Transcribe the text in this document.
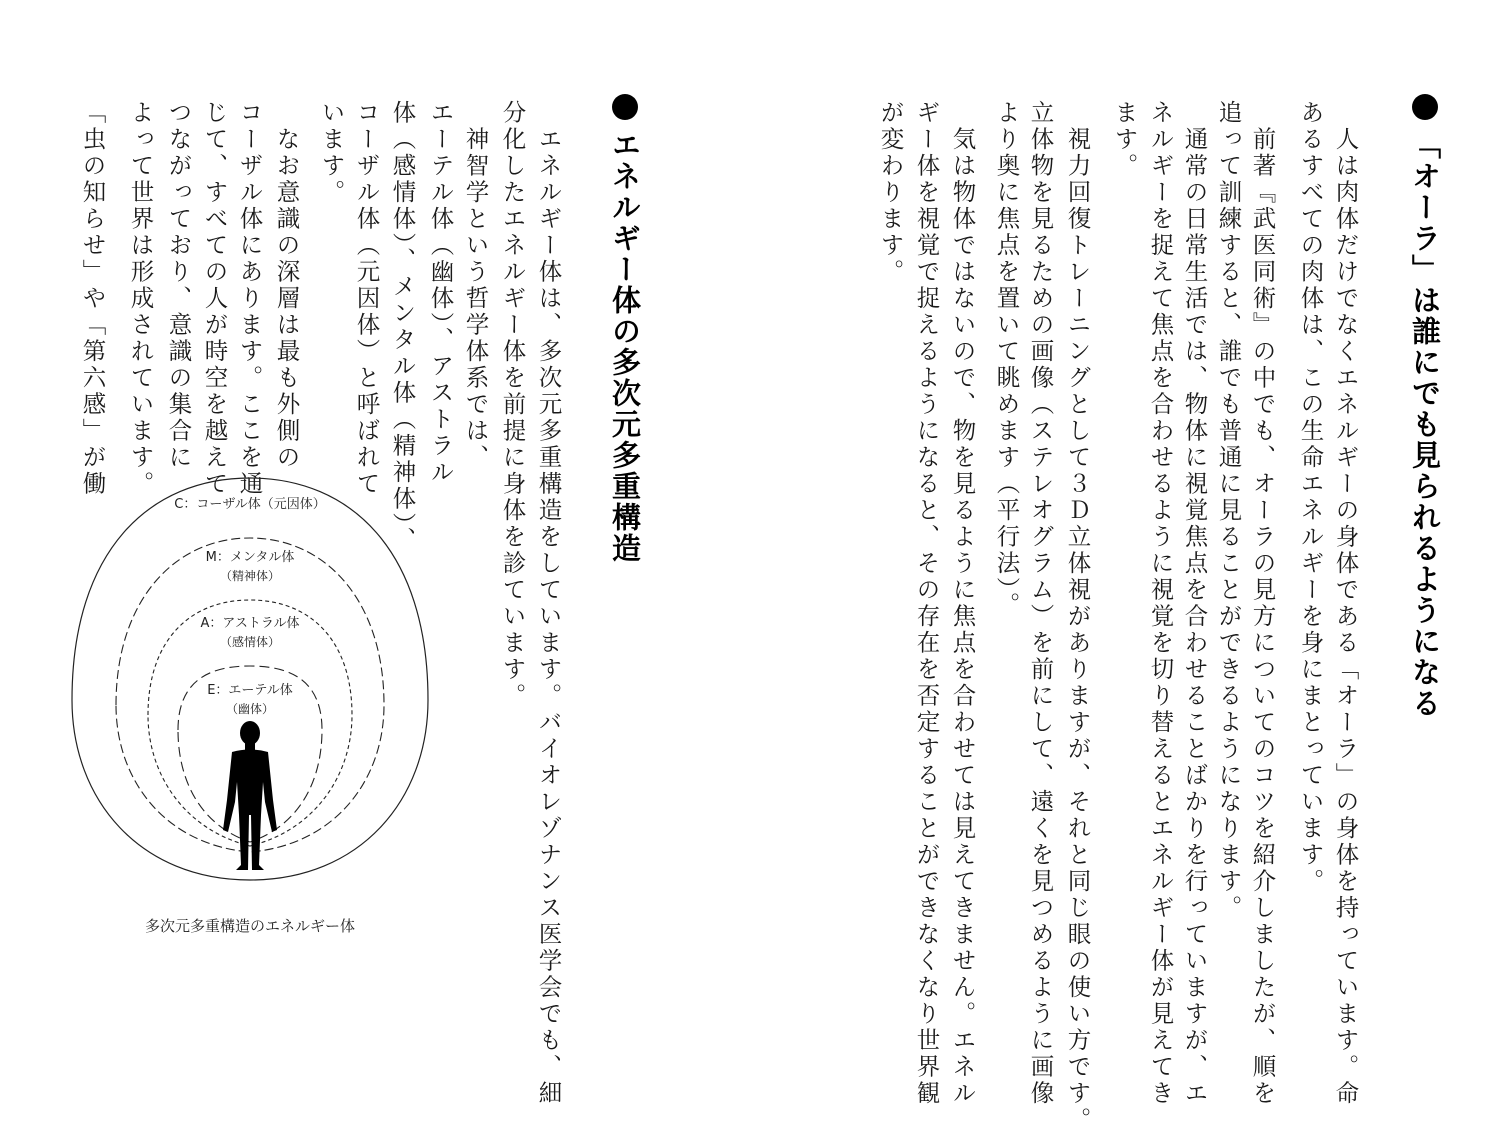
「オーラ」は誰にでも見られるようになる
　人は肉体だけでなくエネルギーの身体である「オーラ」の身体を持っています。命
あるすべての肉体は、この生命エネルギーを身にまとっています。
　前著『武医同術』の中でも、オーラの見方についてのコツを紹介しましたが、順を
追って訓練すると、誰でも普通に見ることができるようになります。
　通常の日常生活では、物体に視覚焦点を合わせることばかりを行っていますが、エ
ネルギーを捉えて焦点を合わせるように視覚を切り替えるとエネルギー体が見えてき
ます。
　視力回復トレーニングとして３Ｄ立体視がありますが、それと同じ眼の使い方です。
立体物を見るための画像（ステレオグラム）を前にして、遠くを見つめるように画像
より奥に焦点を置いて眺めます（平行法）。
　気は物体ではないので、物を見るように焦点を合わせては見えてきません。エネル
ギー体を視覚で捉えるようになると、その存在を否定することができなくなり世界観
が変わります。
エネルギー体の多次元多重構造
　エネルギー体は、多次元多重構造をしています。バイオレゾナンス医学会でも、細
分化したエネルギー体を前提に身体を診ています。
　神智学という哲学体系では、
エーテル体（幽体）、アストラル
体（感情体）、メンタル体（精神体）、
コーザル体（元因体）と呼ばれて
います。
　なお意識の深層は最も外側の
コーザル体にあります。ここを通
じて、すべての人が時空を越えて
つながっており、意識の集合に
よって世界は形成されています。
「虫の知らせ」や「第六感」が働
C：コーザル体（元因体）
M：メンタル体
（精神体）
A：アストラル体
（感情体）
E：エーテル体
（幽体）
多次元多重構造のエネルギー体
